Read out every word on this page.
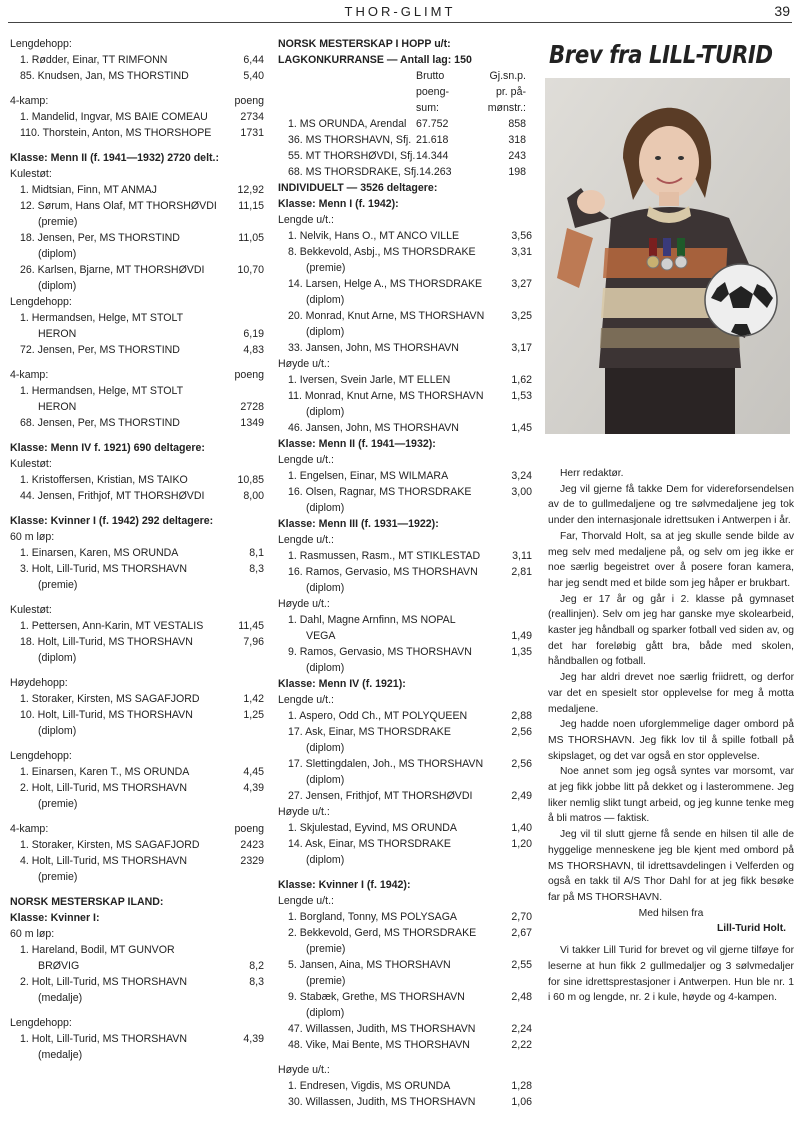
THOR-GLIMT	39
Lengdehopp:
1. Rødder, Einar, TT RIMFONN	6,44
85. Knudsen, Jan, MS THORSTIND	5,40
4-kamp:	poeng
1. Mandelid, Ingvar, MS BAIE COMEAU	2734
110. Thorstein, Anton, MS THORSHOPE	1731
Klasse: Menn II (f. 1941—1932) 2720 delt.:
Kulestøt:
1. Midtsian, Finn, MT ANMAJ	12,92
12. Sørum, Hans Olaf, MT THORSHØVDI 11,15
(premie)
18. Jensen, Per, MS THORSTIND	11,05
(diplom)
26. Karlsen, Bjarne, MT THORSHØVDI	10,70
(diplom)
Lengdehopp:
1. Hermandsen, Helge, MT STOLT
HERON	6,19
72. Jensen, Per, MS THORSTIND	4,83
4-kamp:	poeng
1. Hermandsen, Helge, MT STOLT
HERON	2728
68. Jensen, Per, MS THORSTIND	1349
Klasse: Menn IV f. 1921) 690 deltagere:
Kulestøt:
1. Kristoffersen, Kristian, MS TAIKO	10,85
44. Jensen, Frithjof, MT THORSHØVDI	8,00
Klasse: Kvinner I (f. 1942) 292 deltagere:
60 m løp:
1. Einarsen, Karen, MS ORUNDA	8,1
3. Holt, Lill-Turid, MS THORSHAVN	8,3
(premie)
Kulestøt:
1. Pettersen, Ann-Karin, MT VESTALIS	11,45
18. Holt, Lill-Turid, MS THORSHAVN	7,96
(diplom)
Høydehopp:
1. Storaker, Kirsten, MS SAGAFJORD	1,42
10. Holt, Lill-Turid, MS THORSHAVN	1,25
(diplom)
Lengdehopp:
1. Einarsen, Karen T., MS ORUNDA	4,45
2. Holt, Lill-Turid, MS THORSHAVN	4,39
(premie)
4-kamp:	poeng
1. Storaker, Kirsten, MS SAGAFJORD	2423
4. Holt, Lill-Turid, MS THORSHAVN	2329
(premie)
NORSK MESTERSKAP ILAND:
Klasse: Kvinner I:
60 m løp:
1. Hareland, Bodil, MT GUNVOR
BRØVIG	8,2
2. Holt, Lill-Turid, MS THORSHAVN	8,3
(medalje)
Lengdehopp:
1. Holt, Lill-Turid, MS THORSHAVN	4,39
(medalje)
NORSK MESTERSKAP I HOPP u/t:
LAGKONKURRANSE — Antall lag: 150
Brutto	Gj.sn.p.
poeng-	pr. på-
sum:	mønstr.:
1. MS ORUNDA, Arendal 67.752	858
36. MS THORSHAVN, Sfj. 21.618	318
55. MT THORSHØVDI, Sfj. 14.344	243
68. MS THORSDRAKE, Sfj. 14.263	198
INDIVIDUELT — 3526 deltagere:
Klasse: Menn I (f. 1942):
Lengde u/t.:
1. Nelvik, Hans O., MT ANCO VILLE	3,56
8. Bekkevold, Asbj., MS THORSDRAKE	3,31
(premie)
14. Larsen, Helge A., MS THORSDRAKE	3,27
(diplom)
20. Monrad, Knut Arne, MS THORSHAVN	3,25
(diplom)
33. Jansen, John, MS THORSHAVN	3,17
Høyde u/t.:
1. Iversen, Svein Jarle, MT ELLEN	1,62
11. Monrad, Knut Arne, MS THORSHAVN	1,53
(diplom)
46. Jansen, John, MS THORSHAVN	1,45
Klasse: Menn II (f. 1941—1932):
Lengde u/t.:
1. Engelsen, Einar, MS WILMARA	3,24
16. Olsen, Ragnar, MS THORSDRAKE	3,00
(diplom)
Klasse: Menn III (f. 1931—1922):
Lengde u/t.:
1. Rasmussen, Rasm., MT STIKLESTAD	3,11
16. Ramos, Gervasio, MS THORSHAVN	2,81
(diplom)
Høyde u/t.:
1. Dahl, Magne Arnfinn, MS NOPAL
VEGA	1,49
9. Ramos, Gervasio, MS THORSHAVN	1,35
(diplom)
Klasse: Menn IV (f. 1921):
Lengde u/t.:
1. Aspero, Odd Ch., MT POLYQUEEN	2,88
17. Ask, Einar, MS THORSDRAKE	2,56
(diplom)
17. Slettingdalen, Joh., MS THORSHAVN	2,56
(diplom)
27. Jensen, Frithjof, MT THORSHØVDI	2,49
Høyde u/t.:
1. Skjulestad, Eyvind, MS ORUNDA	1,40
14. Ask, Einar, MS THORSDRAKE	1,20
(diplom)
Klasse: Kvinner I (f. 1942):
Lengde u/t.:
1. Borgland, Tonny, MS POLYSAGA	2,70
2. Bekkevold, Gerd, MS THORSDRAKE	2,67
(premie)
5. Jansen, Aina, MS THORSHAVN	2,55
(premie)
9. Stabæk, Grethe, MS THORSHAVN	2,48
(diplom)
47. Willassen, Judith, MS THORSHAVN	2,24
48. Vike, Mai Bente, MS THORSHAVN	2,22
Høyde u/t.:
1. Endresen, Vigdis, MS ORUNDA	1,28
30. Willassen, Judith, MS THORSHAVN	1,06
Brev fra LILL-TURID

Herr redaktør.

Jeg vil gjerne få takke Dem for videreforsendelsen av de to gullmedaljene og tre sølvmedaljene jeg tok under den internasjonale idrettsuken i Antwerpen i år.

Far, Thorvald Holt, sa at jeg skulle sende bilde av meg selv med medaljene på, og selv om jeg ikke er noe særlig begeistret over å posere foran kamera, har jeg sendt med et bilde som jeg håper er brukbart.

Jeg er 17 år og går i 2. klasse på gymnaset (reallinjen). Selv om jeg har ganske mye skolearbeid, kaster jeg håndball og sparker fotball ved siden av, og det har foreløbig gått bra, både med skolen, håndballen og fotball.

Jeg har aldri drevet noe særlig friidrett, og derfor var det en spesielt stor opplevelse for meg å motta medaljene.

Jeg hadde noen uforglemmelige dager ombord på MS THORSHAVN. Jeg fikk lov til å spille fotball på skipslaget, og det var også en stor opplevelse.

Noe annet som jeg også syntes var morsomt, var at jeg fikk jobbe litt på dekket og i lasterommene. Jeg liker nemlig slikt tungt arbeid, og jeg kunne tenke meg å bli matros — faktisk.

Jeg vil til slutt gjerne få sende en hilsen til alle de hyggelige menneskene jeg ble kjent med ombord på MS THORSHAVN, til idrettsavdelingen i Velferden og også en takk til A/S Thor Dahl for at jeg fikk besøke far på MS THORSHAVN.

Med hilsen fra

Lill-Turid Holt.

Vi takker Lill Turid for brevet og vil gjerne tilføye for leserne at hun fikk 2 gullmedaljer og 3 sølvmedaljer for sine idrettsprestasjoner i Antwerpen. Hun ble nr. 1 i 60 m og lengde, nr. 2 i kule, høyde og 4-kampen.
